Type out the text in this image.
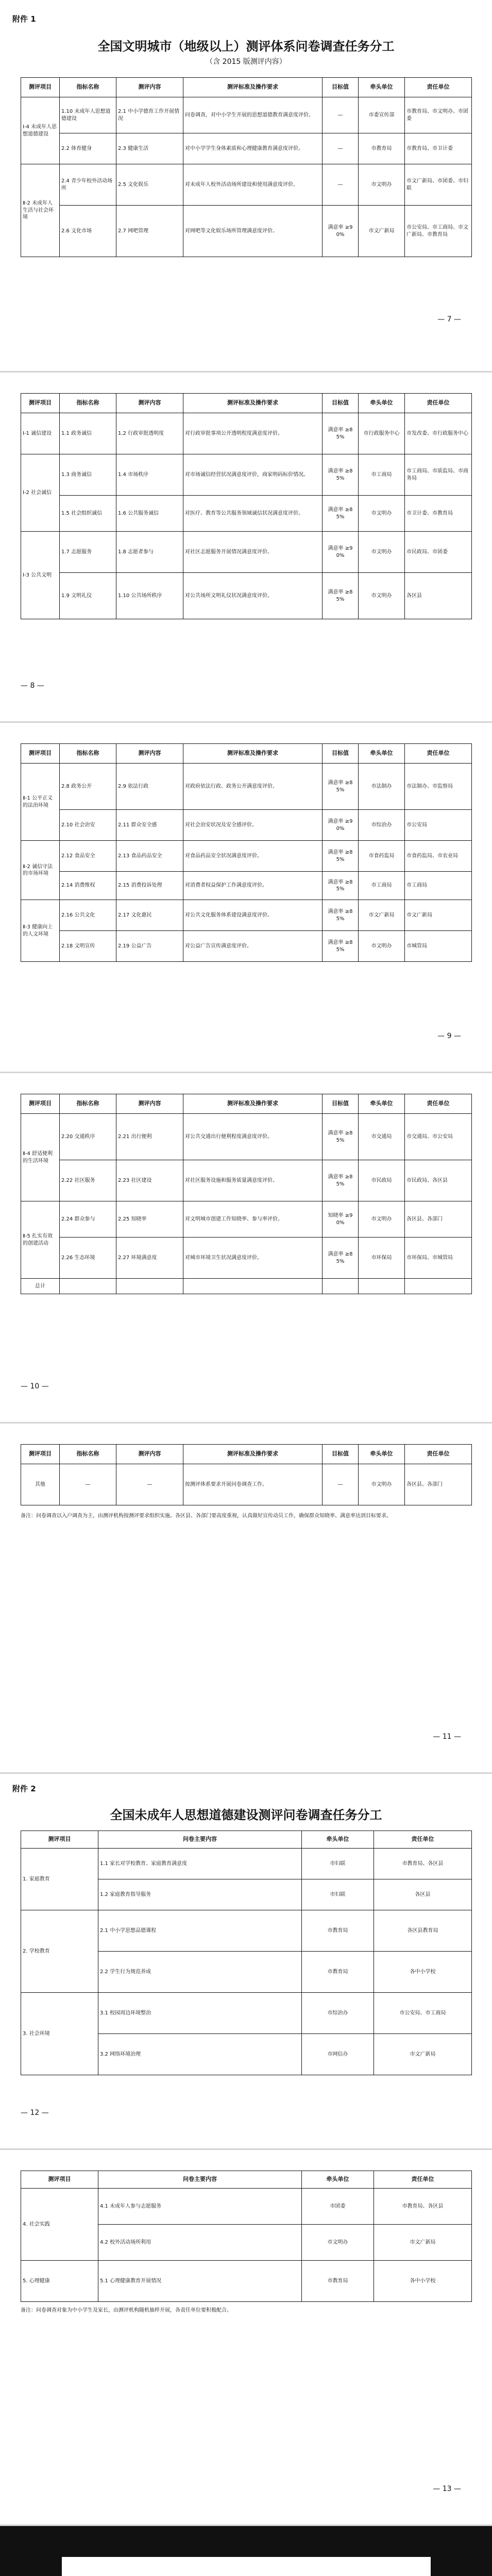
附件 1
全国文明城市（地级以上）测评体系问卷调查任务分工
（含 2015 版测评内容）
测评项目	指标名称	测评内容	测评标准及操作要求	目标值	牵头单位	责任单位
Ⅰ-4 未成年人思想道德建设	1.10 未成年人思想道德建设	2.1 中小学德育工作开展情况	问卷调查，对中小学生开展的思想道德教育满意度评价。	—	市委宣传部	市教育局、市文明办、市团委
	2.2 体育健身	2.3 健康生活	对中小学学生身体素质和心理健康教育满意度评价。	—	市教育局	市教育局、市卫计委
Ⅱ-2 未成年人生活与社会环境	2.4 青少年校外活动场所	2.5 文化娱乐	对未成年人校外活动场所建设和使用满意度评价。	—	市文明办	市文广新局、市团委、市妇联
	2.6 文化市场	2.7 网吧管理	对网吧等文化娱乐场所管理满意度评价。	满意率 ≥90%	市文广新局	市公安局、市工商局、市文广新局、市教育局
— 7 —
测评项目	指标名称	测评内容	测评标准及操作要求	目标值	牵头单位	责任单位
Ⅰ-1 诚信建设	1.1 政务诚信	1.2 行政审批透明度	对行政审批事项公开透明程度满意度评价。	满意率 ≥85%	市行政服务中心	市发改委、市行政服务中心
Ⅰ-2 社会诚信	1.3 商务诚信	1.4 市场秩序	对市场诚信经营状况满意度评价，商家明码标价情况。	满意率 ≥85%	市工商局	市工商局、市质监局、市商务局
	1.5 社会组织诚信	1.6 公共服务诚信	对医疗、教育等公共服务领域诚信状况满意度评价。	满意率 ≥85%	市文明办	市卫计委、市教育局
Ⅰ-3 公共文明	1.7 志愿服务	1.8 志愿者参与	对社区志愿服务开展情况满意度评价。	满意率 ≥90%	市文明办	市民政局、市团委
	1.9 文明礼仪	1.10 公共场所秩序	对公共场所文明礼仪状况满意度评价。	满意率 ≥85%	市文明办	各区县
— 8 —
测评项目	指标名称	测评内容	测评标准及操作要求	目标值	牵头单位	责任单位
Ⅱ-1 公平正义的法治环境	2.8 政务公开	2.9 依法行政	对政府依法行政、政务公开满意度评价。	满意率 ≥85%	市法制办	市法制办、市监察局
	2.10 社会治安	2.11 群众安全感	对社会治安状况及安全感评价。	满意率 ≥90%	市综治办	市公安局
Ⅱ-2 诚信守法的市场环境	2.12 食品安全	2.13 食品药品安全	对食品药品安全状况满意度评价。	满意率 ≥85%	市食药监局	市食药监局、市农业局
	2.14 消费维权	2.15 消费投诉处理	对消费者权益保护工作满意度评价。	满意率 ≥85%	市工商局	市工商局
Ⅱ-3 健康向上的人文环境	2.16 公共文化	2.17 文化惠民	对公共文化服务体系建设满意度评价。	满意率 ≥85%	市文广新局	市文广新局
	2.18 文明宣传	2.19 公益广告	对公益广告宣传满意度评价。	满意率 ≥85%	市文明办	市城管局
— 9 —
测评项目	指标名称	测评内容	测评标准及操作要求	目标值	牵头单位	责任单位
Ⅱ-4 舒适便利的生活环境	2.20 交通秩序	2.21 出行便利	对公共交通出行便利程度满意度评价。	满意率 ≥85%	市交通局	市交通局、市公安局
	2.22 社区服务	2.23 社区建设	对社区服务设施和服务质量满意度评价。	满意率 ≥85%	市民政局	市民政局、各区县
Ⅱ-5 扎实有效的创建活动	2.24 群众参与	2.25 知晓率	对文明城市创建工作知晓率、参与率评价。	知晓率 ≥90%	市文明办	各区县、各部门
	2.26 生态环境	2.27 环境满意度	对城市环境卫生状况满意度评价。	满意率 ≥85%	市环保局	市环保局、市城管局
总计						
— 10 —
测评项目	指标名称	测评内容	测评标准及操作要求	目标值	牵头单位	责任单位
其他	—	—	按测评体系要求开展问卷调查工作。	—	市文明办	各区县、各部门
备注：问卷调查以入户调查为主，由测评机构按测评要求组织实施。各区县、各部门要高度重视，认真做好宣传动员工作，确保群众知晓率、满意率达到目标要求。
— 11 —
附件 2
全国未成年人思想道德建设测评问卷调查任务分工
测评项目	问卷主要内容	牵头单位	责任单位
1. 家庭教育	1.1 家长对学校教育、家庭教育满意度	市妇联	市教育局、各区县
	1.2 家庭教育指导服务	市妇联	各区县
2. 学校教育	2.1 中小学思想品德课程	市教育局	各区县教育局
	2.2 学生行为规范养成	市教育局	各中小学校
3. 社会环境	3.1 校园周边环境整治	市综治办	市公安局、市工商局
	3.2 网络环境治理	市网信办	市文广新局
— 12 —
测评项目	问卷主要内容	牵头单位	责任单位
4. 社会实践	4.1 未成年人参与志愿服务	市团委	市教育局、各区县
	4.2 校外活动场所利用	市文明办	市文广新局
5. 心理健康	5.1 心理健康教育开展情况	市教育局	各中小学校
备注：问卷调查对象为中小学生及家长，由测评机构随机抽样开展，各责任单位要积极配合。
— 13 —
